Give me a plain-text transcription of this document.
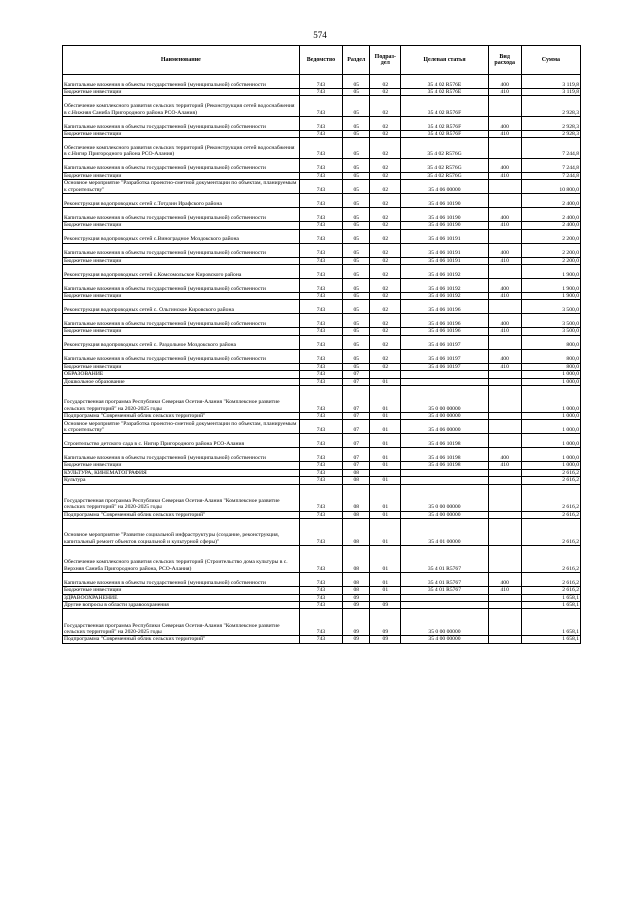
574
Наименование	Ведомство	Раздел	Подраз-дел	Целевая статья	Вид расхода	Сумма
Капитальные вложения в объекты государственной (муниципальной) собственности	743	05	02	35 4 02 R576E	400	3 119,8
Бюджетные инвестиции	743	05	02	35 4 02 R576E	410	3 119,8
Обеспечение комплексного развития сельских территорий (Реконструкция сетей водоснабжения в с.Нижняя Саниба Пригородного района РСО-Алания)	743	05	02	35 4 02 R576F		2 928,3
Капитальные вложения в объекты государственной (муниципальной) собственности	743	05	02	35 4 02 R576F	400	2 928,3
Бюджетные инвестиции	743	05	02	35 4 02 R576F	410	2 928,3
Обеспечение комплексного развития сельских территорий (Реконструкция сетей водоснабжения в с.Нигир Пригородного района РСО-Алания)	743	05	02	35 4 02 R576G		7 244,8
Капитальные вложения в объекты государственной (муниципальной) собственности	743	05	02	35 4 02 R576G	400	7 244,8
Бюджетные инвестиции	743	05	02	35 4 02 R576G	410	7 244,8
Основное мероприятие "Разработка проектно-сметной документации по объектам, планируемым к строительству"	743	05	02	35 4 06 00000		10 800,0
Реконструкция водопроводных сетей с.Тотдзин Ирафского района	743	05	02	35 4 06 10190		2 400,0
Капитальные вложения в объекты государственной (муниципальной) собственности	743	05	02	35 4 06 10190	400	2 400,0
Бюджетные инвестиции	743	05	02	35 4 06 10190	410	2 400,0
Реконструкция водопроводных сетей с.Виноградное Моздокского района	743	05	02	35 4 06 10191		2 200,0
Капитальные вложения в объекты государственной (муниципальной) собственности	743	05	02	35 4 06 10191	400	2 200,0
Бюджетные инвестиции	743	05	02	35 4 06 10191	410	2 200,0
Реконструкция водопроводных сетей с.Комсомольское Кировского района	743	05	02	35 4 06 10192		1 900,0
Капитальные вложения в объекты государственной (муниципальной) собственности	743	05	02	35 4 06 10192	400	1 900,0
Бюджетные инвестиции	743	05	02	35 4 06 10192	410	1 900,0
Реконструкция водопроводных сетей с. Ольгинское Кировского района	743	05	02	35 4 06 10196		3 500,0
Капитальные вложения в объекты государственной (муниципальной) собственности	743	05	02	35 4 06 10196	400	3 500,0
Бюджетные инвестиции	743	05	02	35 4 06 10196	410	3 500,0
Реконструкция водопроводных сетей с. Раздольное Моздокского района	743	05	02	35 4 06 10197		800,0
Капитальные вложения в объекты государственной (муниципальной) собственности	743	05	02	35 4 06 10197	400	800,0
Бюджетные инвестиции	743	05	02	35 4 06 10197	410	800,0
ОБРАЗОВАНИЕ	743	07				1 000,0
Дошкольное образование	743	07	01			1 000,0
Государственная программа Республики Северная Осетия-Алания "Комплексное развитие сельских территорий" на 2020-2025 годы	743	07	01	35 0 00 00000		1 000,0
Подпрограмма "Современный облик сельских территорий"	743	07	01	35 4 00 00000		1 000,0
Основное мероприятие "Разработка проектно-сметной документации по объектам, планируемым к строительству"	743	07	01	35 4 06 00000		1 000,0
Строительство детского сада в с. Нигир Пригородного района РСО-Алания	743	07	01	35 4 06 10198		1 000,0
Капитальные вложения в объекты государственной (муниципальной) собственности	743	07	01	35 4 06 10198	400	1 000,0
Бюджетные инвестиции	743	07	01	35 4 06 10198	410	1 000,0
КУЛЬТУРА, КИНЕМАТОГРАФИЯ	743	08				2 616,2
Культура	743	08	01			2 616,2
Государственная программа Республики Северная Осетия-Алания "Комплексное развитие сельских территорий" на 2020-2025 годы	743	08	01	35 0 00 00000		2 616,2
Подпрограмма "Современный облик сельских территорий"	743	08	01	35 4 00 00000		2 616,2
Основное мероприятие "Развитие социальной инфраструктуры (создание, реконструкция, капитальный ремонт объектов социальной и культурной сферы)"	743	08	01	35 4 01 00000		2 616,2
Обеспечение комплексного развития сельских территорий (Строительство дома культуры в с. Верхняя Саниба Пригородного района, РСО-Алания)	743	08	01	35 4 01 R5767		2 616,2
Капитальные вложения в объекты государственной (муниципальной) собственности	743	08	01	35 4 01 R5767	400	2 616,2
Бюджетные инвестиции	743	08	01	35 4 01 R5767	410	2 616,2
ЗДРАВООХРАНЕНИЕ	743	09				1 658,1
Другие вопросы в области здравоохранения	743	09	09			1 658,1
Государственная программа Республики Северная Осетия-Алания "Комплексное развитие сельских территорий" на 2020-2025 годы	743	09	09	35 0 00 00000		1 658,1
Подпрограмма "Современный облик сельских территорий"	743	09	09	35 4 00 00000		1 658,1
